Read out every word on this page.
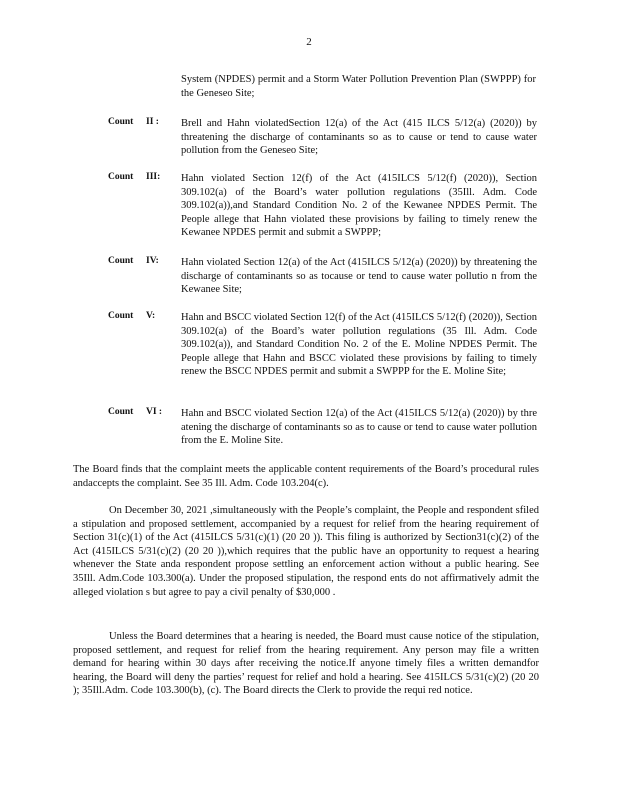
2
System (NPDES) permit and a Storm Water Pollution Prevention Plan (SWPPP) for the Geneseo Site;
Count II : Brell and Hahn violatedSection 12(a) of the Act (415 ILCS 5/12(a) (2020)) by threatening the discharge of contaminants so as to cause or tend to cause water pollution from the Geneseo Site;
Count III: Hahn violated Section 12(f) of the Act (415ILCS 5/12(f) (2020)), Section 309.102(a) of the Board’s water pollution regulations (35Ill. Adm. Code 309.102(a)),and Standard Condition No. 2 of the Kewanee NPDES Permit. The People allege that Hahn violated these provisions by failing to timely renew the Kewanee NPDES permit and submit a SWPPP;
Count IV: Hahn violated Section 12(a) of the Act (415ILCS 5/12(a) (2020)) by threatening the discharge of contaminants so as tocause or tend to cause water pollutio n from the Kewanee Site;
Count V: Hahn and BSCC violated Section 12(f) of the Act (415ILCS 5/12(f) (2020)), Section 309.102(a) of the Board’s water pollution regulations (35 Ill. Adm. Code 309.102(a)), and Standard Condition No. 2 of the E. Moline NPDES Permit. The People allege that Hahn and BSCC violated these provisions by failing to timely renew the BSCC NPDES permit and submit a SWPPP for the E. Moline Site;
Count VI : Hahn and BSCC violated Section 12(a) of the Act (415ILCS 5/12(a) (2020)) by thre atening the discharge of contaminants so as to cause or tend to cause water pollution from the E. Moline Site.
The Board finds that the complaint meets the applicable content requirements of the Board’s procedural rules andaccepts the complaint. See 35 Ill. Adm. Code 103.204(c).
On December 30, 2021 ,simultaneously with the People’s complaint, the People and respondent sfiled a stipulation and proposed settlement, accompanied by a request for relief from the hearing requirement of Section 31(c)(1) of the Act (415ILCS 5/31(c)(1) (20 20 )). This filing is authorized by Section31(c)(2) of the Act (415ILCS 5/31(c)(2) (20 20 )),which requires that the public have an opportunity to request a hearing whenever the State anda respondent propose settling an enforcement action without a public hearing. See 35Ill. Adm.Code 103.300(a). Under the proposed stipulation, the respond ents do not affirmatively admit the alleged violation s but agree to pay a civil penalty of $30,000 .
Unless the Board determines that a hearing is needed, the Board must cause notice of the stipulation, proposed settlement, and request for relief from the hearing requirement. Any person may file a written demand for hearing within 30 days after receiving the notice.If anyone timely files a written demandfor hearing, the Board will deny the parties’ request for relief and hold a hearing. See 415ILCS 5/31(c)(2) (20 20 ); 35Ill.Adm. Code 103.300(b), (c). The Board directs the Clerk to provide the requi red notice.
